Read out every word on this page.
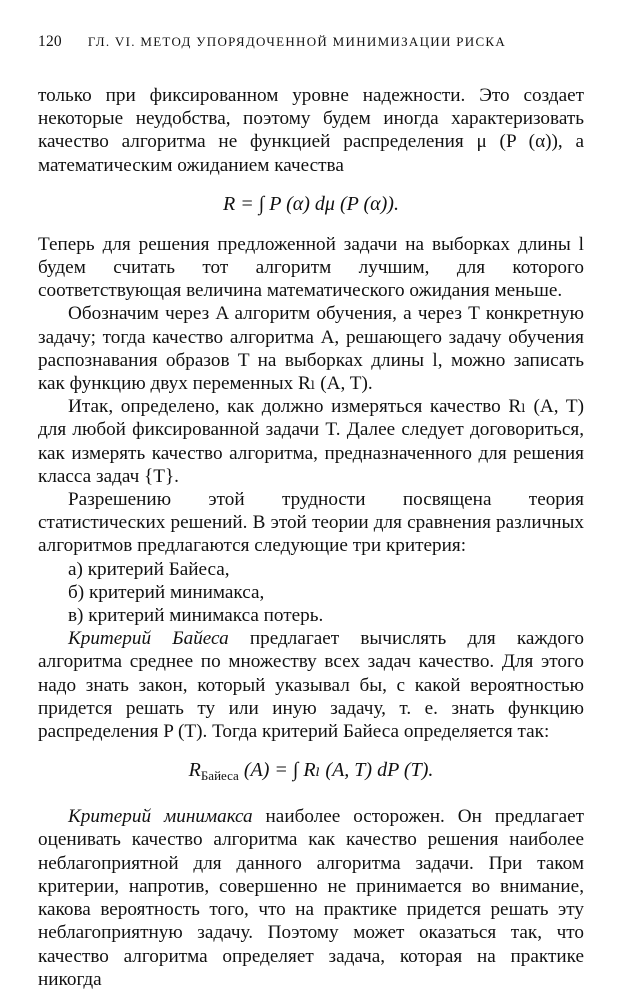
120 ГЛ. VI. МЕТОД УПОРЯДОЧЕННОЙ МИНИМИЗАЦИИ РИСКА

только при фиксированном уровне надежности. Это создает некоторые неудобства, поэтому будем иногда характеризовать качество алгоритма не функцией распределения μ (P (α)), а математическим ожиданием качества

R = ∫ P (α) dμ (P (α)).

Теперь для решения предложенной задачи на выборках длины l будем считать тот алгоритм лучшим, для которого соответствующая величина математического ожидания меньше.

Обозначим через A алгоритм обучения, а через T конкретную задачу; тогда качество алгоритма A, решающего задачу обучения распознавания образов T на выборках длины l, можно записать как функцию двух переменных Rₗ (A, T).

Итак, определено, как должно измеряться качество Rₗ (A, T) для любой фиксированной задачи T. Далее следует договориться, как измерять качество алгоритма, предназначенного для решения класса задач {T}.

Разрешению этой трудности посвящена теория статистических решений. В этой теории для сравнения различных алгоритмов предлагаются следующие три критерия:

а) критерий Байеса,

б) критерий минимакса,

в) критерий минимакса потерь.

Критерий Байеса предлагает вычислять для каждого алгоритма среднее по множеству всех задач качество. Для этого надо знать закон, который указывал бы, с какой вероятностью придется решать ту или иную задачу, т. е. знать функцию распределения P (T). Тогда критерий Байеса определяется так:

$R_{Байеса}$ (A) = ∫ Rₗ (A, T) dP (T).

Критерий минимакса наиболее осторожен. Он предлагает оценивать качество алгоритма как качество решения наиболее неблагоприятной для данного алгоритма задачи. При таком критерии, напротив, совершенно не принимается во внимание, какова вероятность того, что на практике придется решать эту неблагоприятную задачу. Поэтому может оказаться так, что качество алгоритма определяет задача, которая на практике никогда
